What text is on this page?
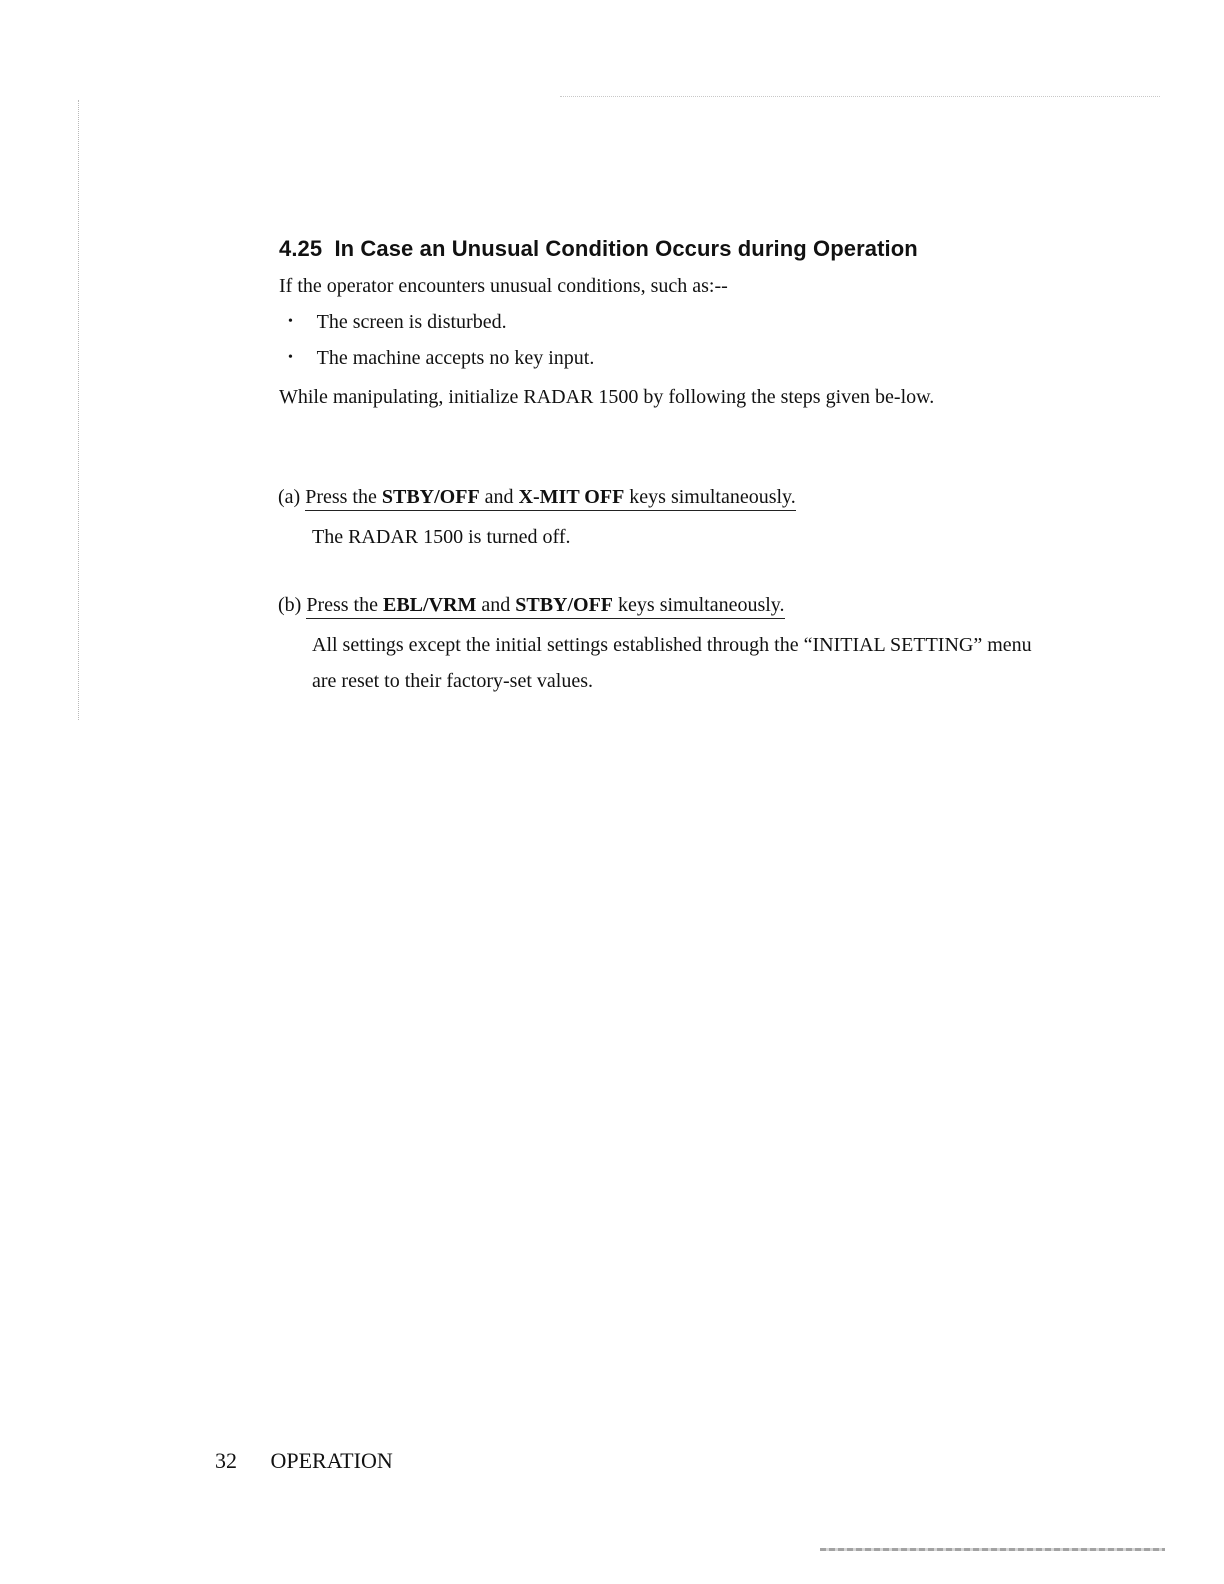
4.25 In Case an Unusual Condition Occurs during Operation
If the operator encounters unusual conditions, such as:--
• The screen is disturbed.
• The machine accepts no key input.
While manipulating, initialize RADAR 1500 by following the steps given be-low.
(a) Press the STBY/OFF and X-MIT OFF keys simultaneously.
The RADAR 1500 is turned off.
(b) Press the EBL/VRM and STBY/OFF keys simultaneously.
All settings except the initial settings established through the “INITIAL SETTING” menu are reset to their factory-set values.
32 OPERATION
